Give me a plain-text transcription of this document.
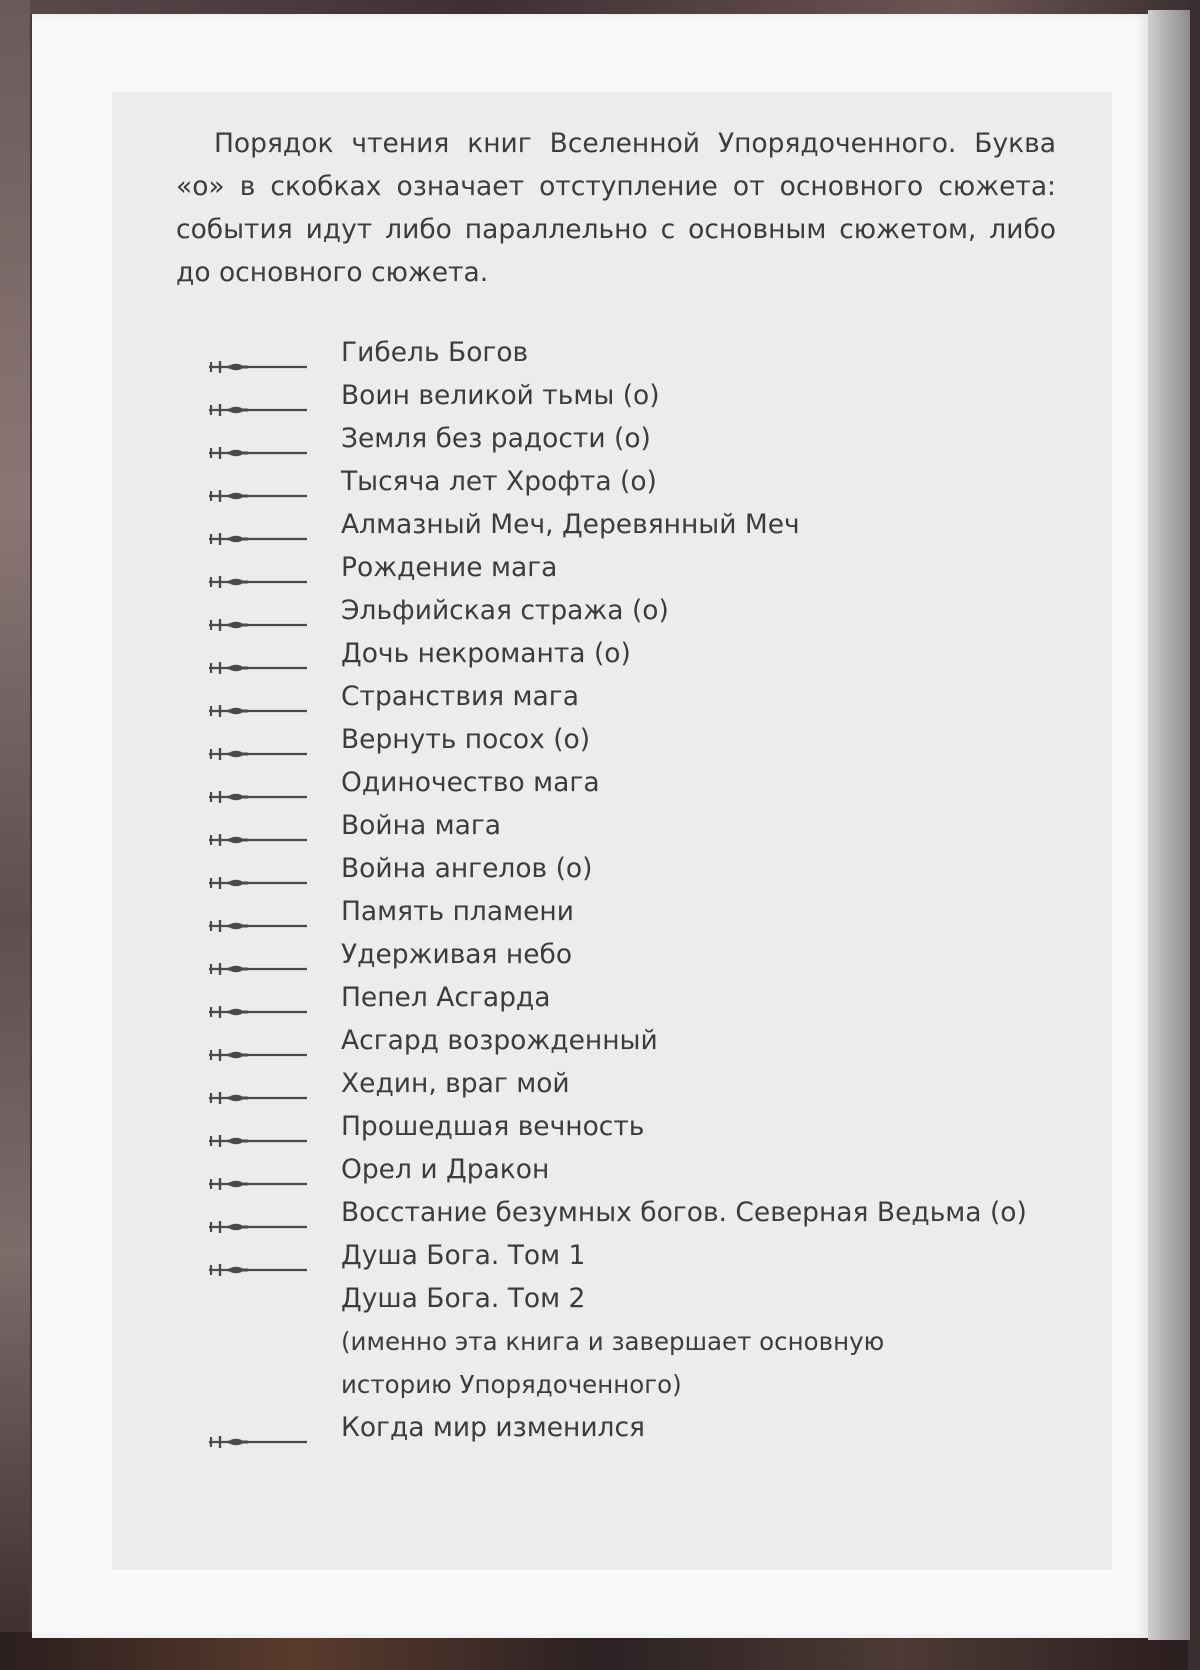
Порядок чтения книг Вселенной Упорядоченного. Буква «о» в скобках означает отступление от основного сюжета: события идут либо параллельно с основным сюжетом, либо до основного сюжета.

Гибель Богов
Воин великой тьмы (о)
Земля без радости (о)
Тысяча лет Хрофта (о)
Алмазный Меч, Деревянный Меч
Рождение мага
Эльфийская стража (о)
Дочь некроманта (о)
Странствия мага
Вернуть посох (о)
Одиночество мага
Война мага
Война ангелов (о)
Память пламени
Удерживая небо
Пепел Асгарда
Асгард возрожденный
Хедин, враг мой
Прошедшая вечность
Орел и Дракон
Восстание безумных богов. Северная Ведьма (о)
Душа Бога. Том 1
Душа Бога. Том 2
(именно эта книга и завершает основную
историю Упорядоченного)
Когда мир изменился
